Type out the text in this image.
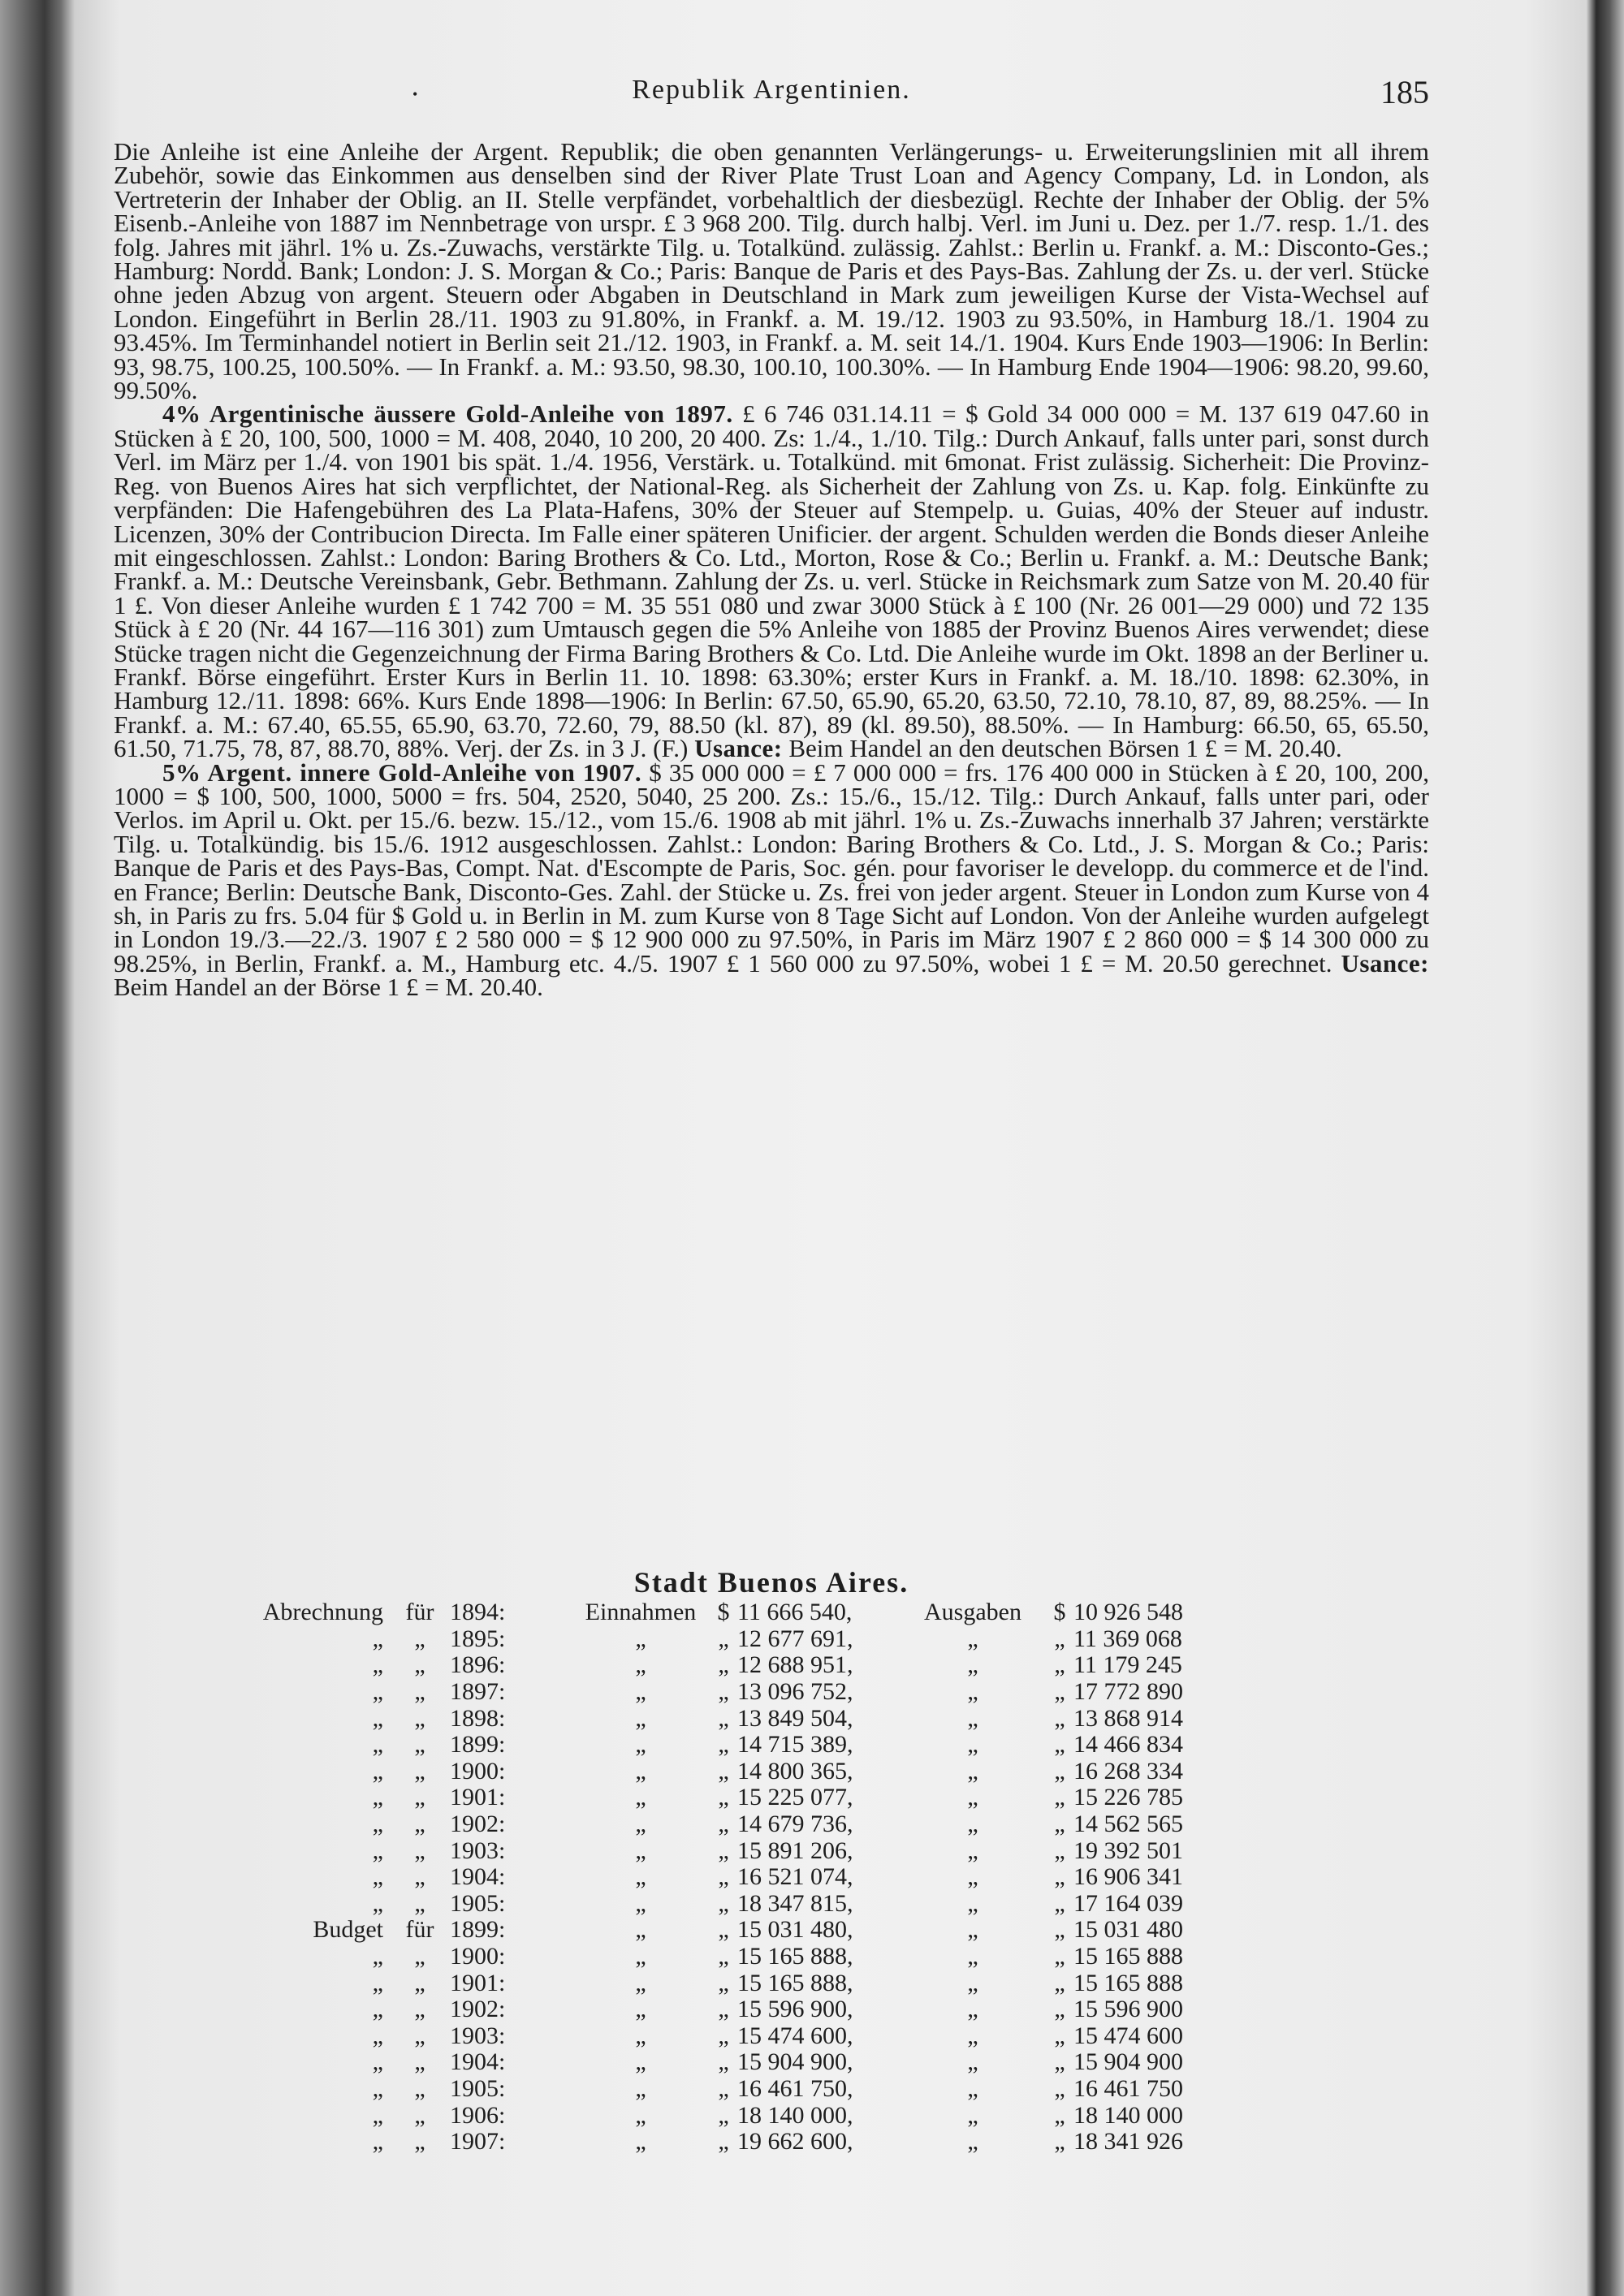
•	Republik Argentinien.	185

Die Anleihe ist eine Anleihe der Argent. Republik; die oben genannten Verlängerungs- u. Erweiterungslinien mit all ihrem Zubehör, sowie das Einkommen aus denselben sind der River Plate Trust Loan and Agency Company, Ld. in London, als Vertreterin der Inhaber der Oblig. an II. Stelle verpfändet, vorbehaltlich der diesbezügl. Rechte der Inhaber der Oblig. der 5% Eisenb.-Anleihe von 1887 im Nennbetrage von urspr. £ 3 968 200. Tilg. durch halbj. Verl. im Juni u. Dez. per 1./7. resp. 1./1. des folg. Jahres mit jährl. 1% u. Zs.-Zuwachs, verstärkte Tilg. u. Totalkünd. zulässig. Zahlst.: Berlin u. Frankf. a. M.: Disconto-Ges.; Hamburg: Nordd. Bank; London: J. S. Morgan & Co.; Paris: Banque de Paris et des Pays-Bas. Zahlung der Zs. u. der verl. Stücke ohne jeden Abzug von argent. Steuern oder Abgaben in Deutschland in Mark zum jeweiligen Kurse der Vista-Wechsel auf London. Eingeführt in Berlin 28./11. 1903 zu 91.80%, in Frankf. a. M. 19./12. 1903 zu 93.50%, in Hamburg 18./1. 1904 zu 93.45%. Im Terminhandel notiert in Berlin seit 21./12. 1903, in Frankf. a. M. seit 14./1. 1904. Kurs Ende 1903—1906: In Berlin: 93, 98.75, 100.25, 100.50%. — In Frankf. a. M.: 93.50, 98.30, 100.10, 100.30%. — In Hamburg Ende 1904—1906: 98.20, 99.60, 99.50%.

4% Argentinische äussere Gold-Anleihe von 1897. £ 6 746 031.14.11 = $ Gold 34 000 000 = M. 137 619 047.60 in Stücken à £ 20, 100, 500, 1000 = M. 408, 2040, 10 200, 20 400. Zs: 1./4., 1./10. Tilg.: Durch Ankauf, falls unter pari, sonst durch Verl. im März per 1./4. von 1901 bis spät. 1./4. 1956, Verstärk. u. Totalkünd. mit 6monat. Frist zulässig. Sicherheit: Die Provinz-Reg. von Buenos Aires hat sich verpflichtet, der National-Reg. als Sicherheit der Zahlung von Zs. u. Kap. folg. Einkünfte zu verpfänden: Die Hafengebühren des La Plata-Hafens, 30% der Steuer auf Stempelp. u. Guias, 40% der Steuer auf industr. Licenzen, 30% der Contribucion Directa. Im Falle einer späteren Unificier. der argent. Schulden werden die Bonds dieser Anleihe mit eingeschlossen. Zahlst.: London: Baring Brothers & Co. Ltd., Morton, Rose & Co.; Berlin u. Frankf. a. M.: Deutsche Bank; Frankf. a. M.: Deutsche Vereinsbank, Gebr. Bethmann. Zahlung der Zs. u. verl. Stücke in Reichsmark zum Satze von M. 20.40 für 1 £. Von dieser Anleihe wurden £ 1 742 700 = M. 35 551 080 und zwar 3000 Stück à £ 100 (Nr. 26 001—29 000) und 72 135 Stück à £ 20 (Nr. 44 167—116 301) zum Umtausch gegen die 5% Anleihe von 1885 der Provinz Buenos Aires verwendet; diese Stücke tragen nicht die Gegenzeichnung der Firma Baring Brothers & Co. Ltd. Die Anleihe wurde im Okt. 1898 an der Berliner u. Frankf. Börse eingeführt. Erster Kurs in Berlin 11. 10. 1898: 63.30%; erster Kurs in Frankf. a. M. 18./10. 1898: 62.30%, in Hamburg 12./11. 1898: 66%. Kurs Ende 1898—1906: In Berlin: 67.50, 65.90, 65.20, 63.50, 72.10, 78.10, 87, 89, 88.25%. — In Frankf. a. M.: 67.40, 65.55, 65.90, 63.70, 72.60, 79, 88.50 (kl. 87), 89 (kl. 89.50), 88.50%. — In Hamburg: 66.50, 65, 65.50, 61.50, 71.75, 78, 87, 88.70, 88%. Verj. der Zs. in 3 J. (F.) Usance: Beim Handel an den deutschen Börsen 1 £ = M. 20.40.

5% Argent. innere Gold-Anleihe von 1907. $ 35 000 000 = £ 7 000 000 = frs. 176 400 000 in Stücken à £ 20, 100, 200, 1000 = $ 100, 500, 1000, 5000 = frs. 504, 2520, 5040, 25 200. Zs.: 15./6., 15./12. Tilg.: Durch Ankauf, falls unter pari, oder Verlos. im April u. Okt. per 15./6. bezw. 15./12., vom 15./6. 1908 ab mit jährl. 1% u. Zs.-Zuwachs innerhalb 37 Jahren; verstärkte Tilg. u. Totalkündig. bis 15./6. 1912 ausgeschlossen. Zahlst.: London: Baring Brothers & Co. Ltd., J. S. Morgan & Co.; Paris: Banque de Paris et des Pays-Bas, Compt. Nat. d'Escompte de Paris, Soc. gén. pour favoriser le developp. du commerce et de l'ind. en France; Berlin: Deutsche Bank, Disconto-Ges. Zahl. der Stücke u. Zs. frei von jeder argent. Steuer in London zum Kurse von 4 sh, in Paris zu frs. 5.04 für $ Gold u. in Berlin in M. zum Kurse von 8 Tage Sicht auf London. Von der Anleihe wurden aufgelegt in London 19./3.—22./3. 1907 £ 2 580 000 = $ 12 900 000 zu 97.50%, in Paris im März 1907 £ 2 860 000 = $ 14 300 000 zu 98.25%, in Berlin, Frankf. a. M., Hamburg etc. 4./5. 1907 £ 1 560 000 zu 97.50%, wobei 1 £ = M. 20.50 gerechnet. Usance: Beim Handel an der Börse 1 £ = M. 20.40.

Stadt Buenos Aires.
Abrechnung	für	1894:	Einnahmen	$	11 666 540,	Ausgaben	$	10 926 548
„	„	1895:	„	„	12 677 691,	„	„	11 369 068
„	„	1896:	„	„	12 688 951,	„	„	11 179 245
„	„	1897:	„	„	13 096 752,	„	„	17 772 890
„	„	1898:	„	„	13 849 504,	„	„	13 868 914
„	„	1899:	„	„	14 715 389,	„	„	14 466 834
„	„	1900:	„	„	14 800 365,	„	„	16 268 334
„	„	1901:	„	„	15 225 077,	„	„	15 226 785
„	„	1902:	„	„	14 679 736,	„	„	14 562 565
„	„	1903:	„	„	15 891 206,	„	„	19 392 501
„	„	1904:	„	„	16 521 074,	„	„	16 906 341
„	„	1905:	„	„	18 347 815,	„	„	17 164 039
Budget	für	1899:	„	„	15 031 480,	„	„	15 031 480
„	„	1900:	„	„	15 165 888,	„	„	15 165 888
„	„	1901:	„	„	15 165 888,	„	„	15 165 888
„	„	1902:	„	„	15 596 900,	„	„	15 596 900
„	„	1903:	„	„	15 474 600,	„	„	15 474 600
„	„	1904:	„	„	15 904 900,	„	„	15 904 900
„	„	1905:	„	„	16 461 750,	„	„	16 461 750
„	„	1906:	„	„	18 140 000,	„	„	18 140 000
„	„	1907:	„	„	19 662 600,	„	„	18 341 926
